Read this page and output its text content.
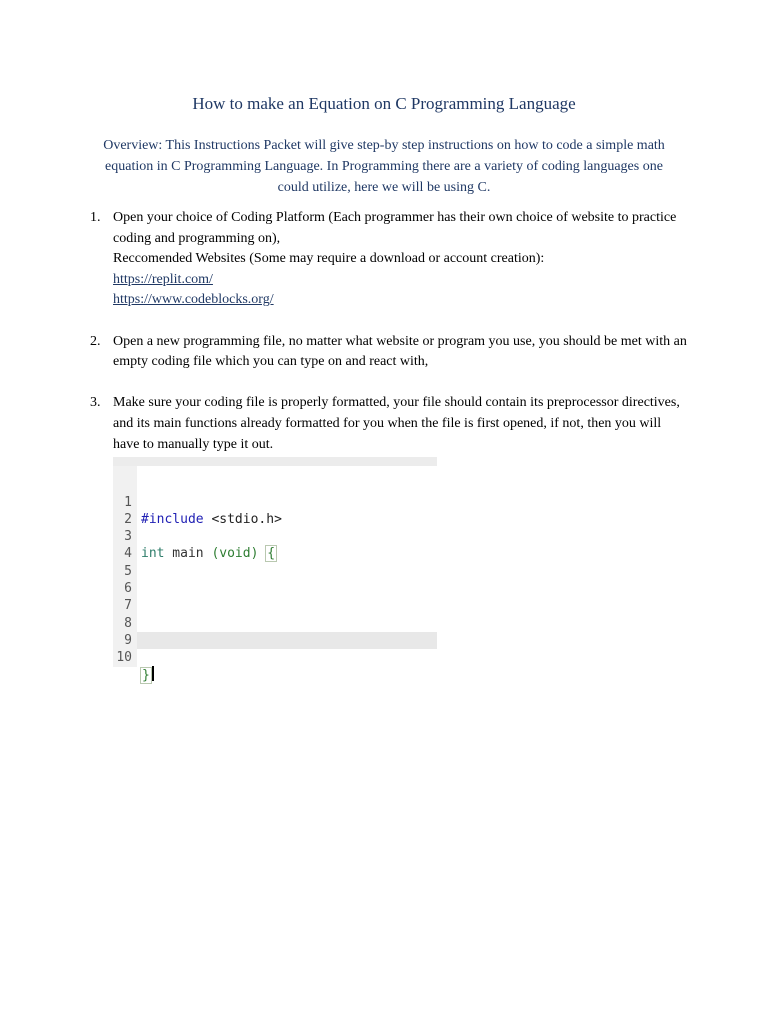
How to make an Equation on C Programming Language
Overview: This Instructions Packet will give step-by step instructions on how to code a simple math equation in C Programming Language. In Programming there are a variety of coding languages one could utilize, here we will be using C.
1. Open your choice of Coding Platform (Each programmer has their own choice of website to practice coding and programming on),
Reccomended Websites (Some may require a download or account creation):
https://replit.com/
https://www.codeblocks.org/
2. Open a new programming file, no matter what website or program you use, you should be met with an empty coding file which you can type on and react with,
3. Make sure your coding file is properly formatted, your file should contain its preprocessor directives, and its main functions already formatted for you when the file is first opened, if not, then you will have to manually type it out.

1

#include <stdio.h>

2

3

int main (void) {

4

5

6

7

8

9

10

}
